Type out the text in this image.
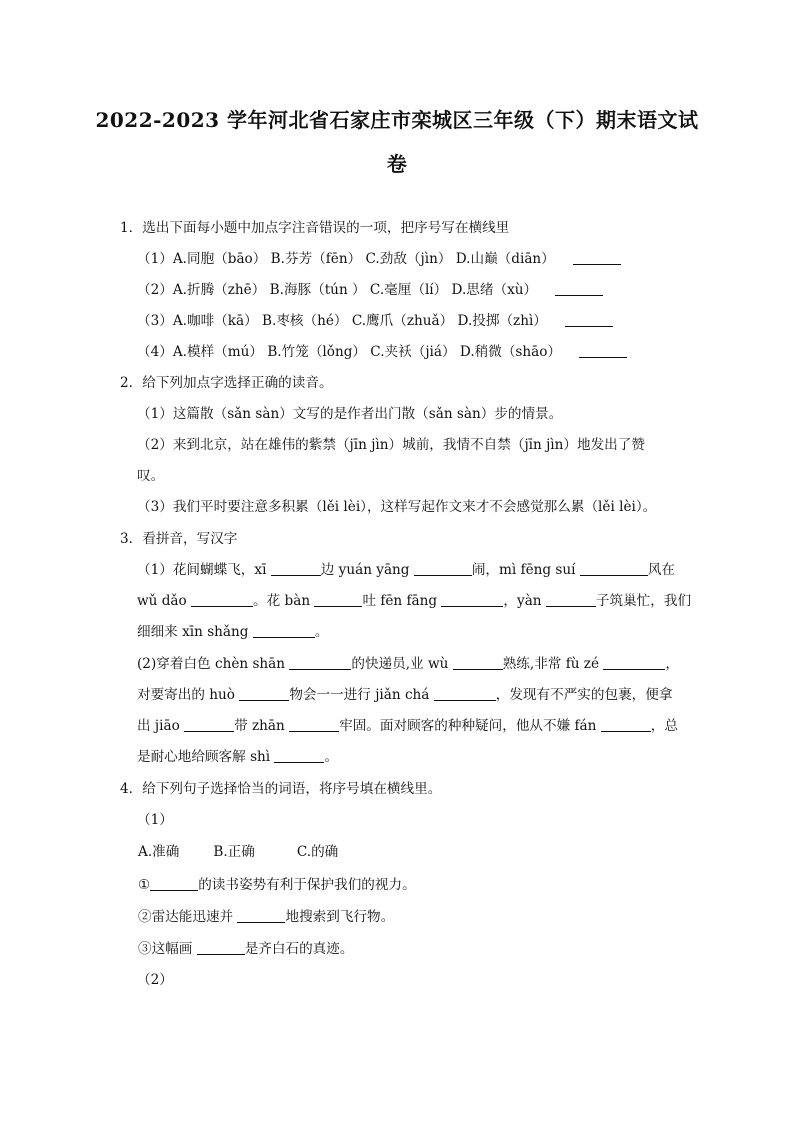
2022-2023 学年河北省石家庄市栾城区三年级（下）期末语文试
卷
1．选出下面每小题中加点字注音错误的一项，把序号写在横线里
（1）A.同胞（bāo） B.芬芳（fēn） C.劲敌（jìn） D.山巅（diān）
（2）A.折腾（zhē） B.海豚（tún ） C.毫厘（lí） D.思绪（xù）
（3）A.咖啡（kā） B.枣核（hé） C.鹰爪（zhuǎ） D.投掷（zhì）
（4）A.模样（mú） B.竹笼（lǒng） C.夹袄（jiá） D.稍微（shāo）
2．给下列加点字选择正确的读音。
（1）这篇散（sǎn sàn）文写的是作者出门散（sǎn sàn）步的情景。
（2）来到北京，站在雄伟的紫禁（jīn jìn）城前，我情不自禁（jīn jìn）地发出了赞
叹。
（3）我们平时要注意多积累（lěi lèi），这样写起作文来才不会感觉那么累（lěi lèi）。
3．看拼音，写汉字
（1）花间蝴蝶飞，xī	边 yuán yāng	闹，mì fēng suí	风在
wǔ dǎo	。花 bàn	吐 fēn fāng	，yàn	子筑巢忙，我们
细细来 xīn shǎng	。
(2)穿着白色 chèn shān	的快递员,业 wù	熟练,非常 fù zé	，
对要寄出的 huò	物会一一进行 jiǎn chá	，发现有不严实的包裹，便拿
出 jiāo	带 zhān	牢固。面对顾客的种种疑问，他从不嫌 fán	，总
是耐心地给顾客解 shì	。
4．给下列句子选择恰当的词语，将序号填在横线里。
（1）
A.准确	B.正确	C.的确
①	的读书姿势有利于保护我们的视力。
②雷达能迅速并	地搜索到飞行物。
③这幅画	是齐白石的真迹。
（2）
